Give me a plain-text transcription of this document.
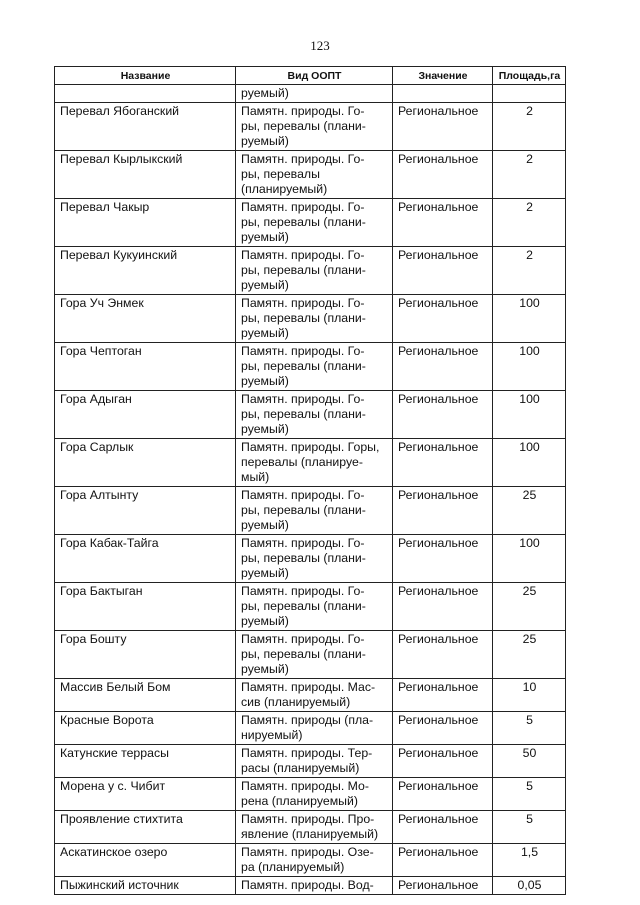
123
Название	Вид ООПТ	Значение	Площадь,га

	руемый)		

Перевал Ябоганский	Памятн. природы. Го-
ры, перевалы (плани-
руемый)	Региональное	2
Перевал Кырлыкский	Памятн. природы. Го-
ры, перевалы
(планируемый)	Региональное	2
Перевал Чакыр	Памятн. природы. Го-
ры, перевалы (плани-
руемый)	Региональное	2
Перевал Кукуинский	Памятн. природы. Го-
ры, перевалы (плани-
руемый)	Региональное	2
Гора Уч Энмек	Памятн. природы. Го-
ры, перевалы (плани-
руемый)	Региональное	100
Гора Чептоган	Памятн. природы. Го-
ры, перевалы (плани-
руемый)	Региональное	100
Гора Адыган	Памятн. природы. Го-
ры, перевалы (плани-
руемый)	Региональное	100
Гора Сарлык	Памятн. природы. Горы,
перевалы (планируе-
мый)	Региональное	100
Гора Алтынту	Памятн. природы. Го-
ры, перевалы (плани-
руемый)	Региональное	25
Гора Кабак-Тайга	Памятн. природы. Го-
ры, перевалы (плани-
руемый)	Региональное	100
Гора Бактыган	Памятн. природы. Го-
ры, перевалы (плани-
руемый)	Региональное	25
Гора Бошту	Памятн. природы. Го-
ры, перевалы (плани-
руемый)	Региональное	25
Массив Белый Бом	Памятн. природы. Мас-
сив (планируемый)	Региональное	10
Красные Ворота	Памятн. природы (пла-
нируемый)	Региональное	5
Катунские террасы	Памятн. природы. Тер-
расы (планируемый)	Региональное	50
Морена у с. Чибит	Памятн. природы. Мо-
рена (планируемый)	Региональное	5
Проявление стихтита	Памятн. природы. Про-
явление (планируемый)	Региональное	5
Аскатинское озеро	Памятн. природы. Озе-
ра (планируемый)	Региональное	1,5
Пыжинский источник	Памятн. природы. Вод-	Региональное	0,05
